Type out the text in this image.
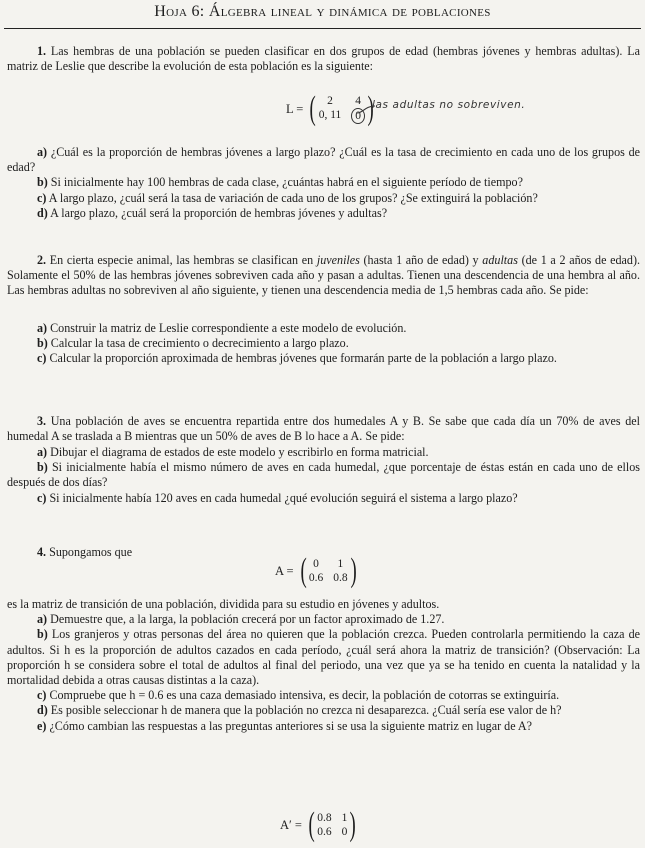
Hoja 6: Álgebra lineal y dinámica de poblaciones
1. Las hembras de una población se pueden clasificar en dos grupos de edad (hembras jóvenes y hembras adultas). La matriz de Leslie que describe la evolución de esta población es la siguiente:
L = ( 2	4
0, 11	0 )
las adultas no sobreviven.

a) ¿Cuál es la proporción de hembras jóvenes a largo plazo? ¿Cuál es la tasa de crecimiento en cada uno de los grupos de edad?

b) Si inicialmente hay 100 hembras de cada clase, ¿cuántas habrá en el siguiente período de tiempo?

c) A largo plazo, ¿cuál será la tasa de variación de cada uno de los grupos? ¿Se extinguirá la población?

d) A largo plazo, ¿cuál será la proporción de hembras jóvenes y adultas?

2. En cierta especie animal, las hembras se clasifican en juveniles (hasta 1 año de edad) y adultas (de 1 a 2 años de edad). Solamente el 50% de las hembras jóvenes sobreviven cada año y pasan a adultas. Tienen una descendencia de una hembra al año. Las hembras adultas no sobreviven al año siguiente, y tienen una descendencia media de 1,5 hembras cada año. Se pide:

a) Construir la matriz de Leslie correspondiente a este modelo de evolución.

b) Calcular la tasa de crecimiento o decrecimiento a largo plazo.

c) Calcular la proporción aproximada de hembras jóvenes que formarán parte de la población a largo plazo.

3. Una población de aves se encuentra repartida entre dos humedales A y B. Se sabe que cada día un 70% de aves del humedal A se traslada a B mientras que un 50% de aves de B lo hace a A. Se pide:

a) Dibujar el diagrama de estados de este modelo y escribirlo en forma matricial.

b) Si inicialmente había el mismo número de aves en cada humedal, ¿que porcentaje de éstas están en cada uno de ellos después de dos días?

c) Si inicialmente había 120 aves en cada humedal ¿qué evolución seguirá el sistema a largo plazo?

4. Supongamos que
A = ( 0	1
0.6 0.8 )

es la matriz de transición de una población, dividida para su estudio en jóvenes y adultos.

a) Demuestre que, a la larga, la población crecerá por un factor aproximado de 1.27.

b) Los granjeros y otras personas del área no quieren que la población crezca. Pueden controlarla permitiendo la caza de adultos. Si h es la proporción de adultos cazados en cada período, ¿cuál será ahora la matriz de transición? (Observación: La proporción h se considera sobre el total de adultos al final del periodo, una vez que ya se ha tenido en cuenta la natalidad y la mortalidad debida a otras causas distintas a la caza).

c) Compruebe que h = 0.6 es una caza demasiado intensiva, es decir, la población de cotorras se extinguiría.

d) Es posible seleccionar h de manera que la población no crezca ni desaparezca. ¿Cuál sería ese valor de h?

e) ¿Cómo cambian las respuestas a las preguntas anteriores si se usa la siguiente matriz en lugar de A?

A′ = ( 0.8 1
0.6 0 )
